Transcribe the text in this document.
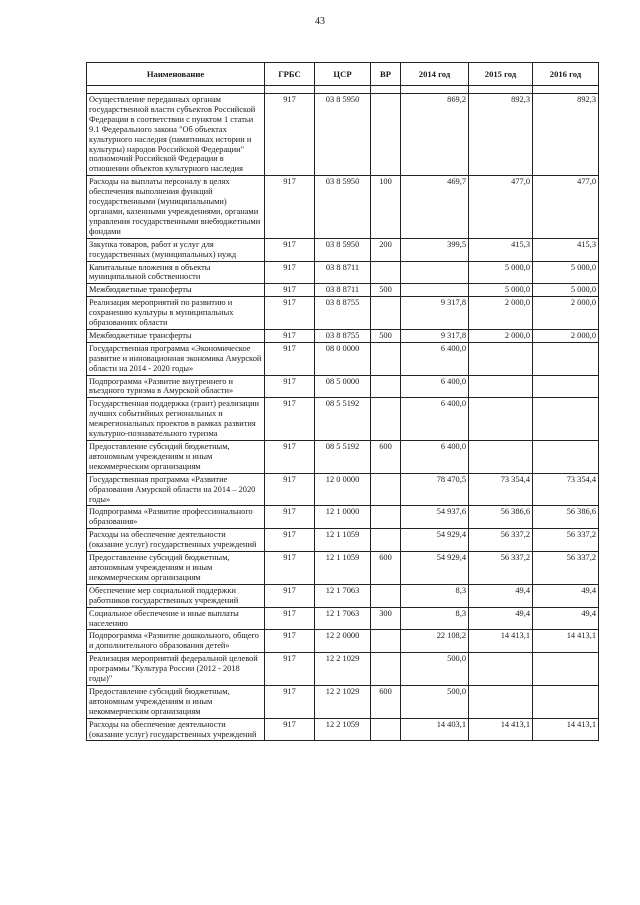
43
Наименование	ГРБС	ЦСР	ВР	2014 год	2015 год	2016 год

Осуществление переданных органам государственной власти субъектов Российской Федерации в соответствии с пунктом 1 статьи 9.1 Федерального закона "Об объектах культурного наследия (памятниках истории и культуры) народов Российской Федерации" полномочий Российской Федерации в отношении объектов культурного наследия	917	03 8 5950		869,2	892,3	892,3
Расходы на выплаты персоналу в целях обеспечения выполнения функций государственными (муниципальными) органами, казенными учреждениями, органами управления государственными внебюджетными фондами	917	03 8 5950	100	469,7	477,0	477,0
Закупка товаров, работ и услуг для государственных (муниципальных) нужд	917	03 8 5950	200	399,5	415,3	415,3
Капитальные вложения в объекты муниципальной собственности	917	03 8 8711			5 000,0	5 000,0
Межбюджетные трансферты	917	03 8 8711	500		5 000,0	5 000,0
Реализация мероприятий по развитию и сохранению культуры в муниципальных образованиях области	917	03 8 8755		9 317,8	2 000,0	2 000,0
Межбюджетные трансферты	917	03 8 8755	500	9 317,8	2 000,0	2 000,0
Государственная программа «Экономическое развитие и инновационная экономика Амурской области на 2014 - 2020 годы»	917	08 0 0000		6 400,0		
Подпрограмма «Развитие внутреннего и въездного туризма в Амурской области»	917	08 5 0000		6 400,0		
Государственная поддержка (грант) реализации лучших событийных региональных и межрегиональных проектов в рамках развития культурно-познавательного туризма	917	08 5 5192		6 400,0		
Предоставление субсидий бюджетным, автономным учреждениям и иным некоммерческим организациям	917	08 5 5192	600	6 400,0		
Государственная программа «Развитие образования Амурской области на 2014 – 2020 годы»	917	12 0 0000		78 470,5	73 354,4	73 354,4
Подпрограмма «Развитие профессионального образования»	917	12 1 0000		54 937,6	56 386,6	56 386,6
Расходы на обеспечение деятельности (оказание услуг) государственных учреждений	917	12 1 1059		54 929,4	56 337,2	56 337,2
Предоставление субсидий бюджетным, автономным учреждениям и иным некоммерческим организациям	917	12 1 1059	600	54 929,4	56 337,2	56 337,2
Обеспечение мер социальной поддержки работников государственных учреждений	917	12 1 7063		8,3	49,4	49,4
Социальное обеспечение и иные выплаты населению	917	12 1 7063	300	8,3	49,4	49,4
Подпрограмма «Развитие дошкольного, общего и дополнительного образования детей»	917	12 2 0000		22 108,2	14 413,1	14 413,1
Реализация мероприятий федеральной целевой программы "Культура России (2012 - 2018 годы)"	917	12 2 1029		500,0		
Предоставление субсидий бюджетным, автономным учреждениям и иным некоммерческим организациям	917	12 2 1029	600	500,0		
Расходы на обеспечение деятельности (оказание услуг) государственных учреждений	917	12 2 1059		14 403,1	14 413,1	14 413,1
